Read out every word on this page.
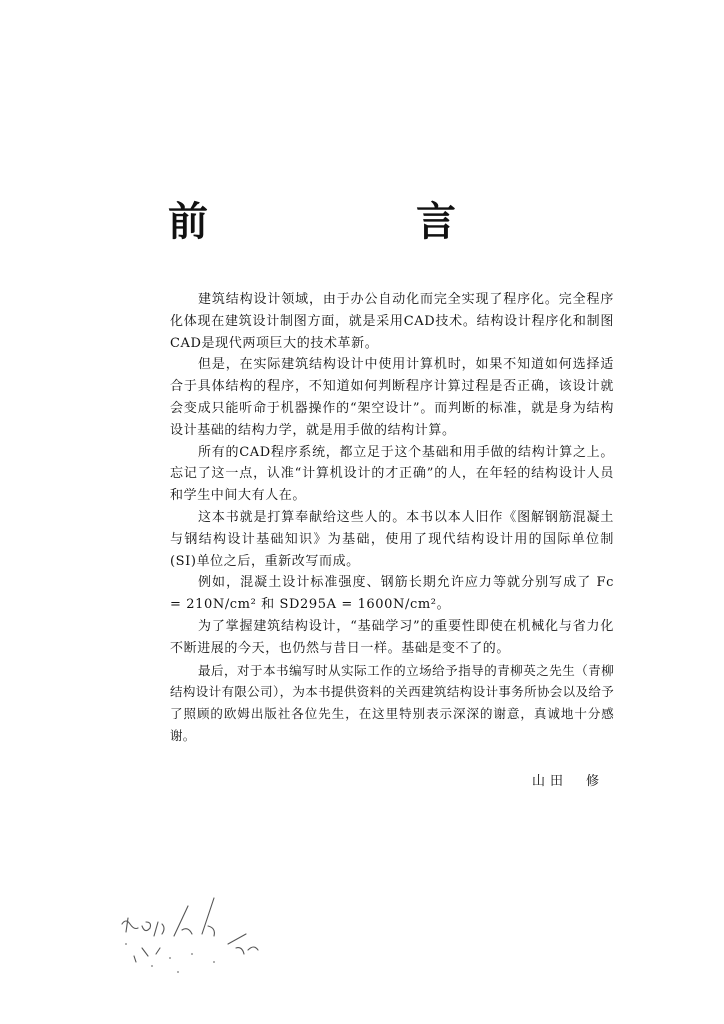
前　言

建筑结构设计领域，由于办公自动化而完全实现了程序化。完全程序化体现在建筑设计制图方面，就是采用CAD技术。结构设计程序化和制图CAD是现代两项巨大的技术革新。

但是，在实际建筑结构设计中使用计算机时，如果不知道如何选择适合于具体结构的程序，不知道如何判断程序计算过程是否正确，该设计就会变成只能听命于机器操作的“架空设计”。而判断的标准，就是身为结构设计基础的结构力学，就是用手做的结构计算。

所有的CAD程序系统，都立足于这个基础和用手做的结构计算之上。忘记了这一点，认准“计算机设计的才正确”的人，在年轻的结构设计人员和学生中间大有人在。

这本书就是打算奉献给这些人的。本书以本人旧作《图解钢筋混凝土与钢结构设计基础知识》为基础，使用了现代结构设计用的国际单位制(SI)单位之后，重新改写而成。

例如，混凝土设计标准强度、钢筋长期允许应力等就分别写成了 Fc = 210N/cm² 和 SD295A = 1600N/cm²。

为了掌握建筑结构设计，“基础学习”的重要性即使在机械化与省力化不断进展的今天，也仍然与昔日一样。基础是变不了的。

最后，对于本书编写时从实际工作的立场给予指导的青柳英之先生（青柳结构设计有限公司），为本书提供资料的关西建筑结构设计事务所协会以及给予了照顾的欧姆出版社各位先生，在这里特别表示深深的谢意，真诚地十分感谢。

山田　修
